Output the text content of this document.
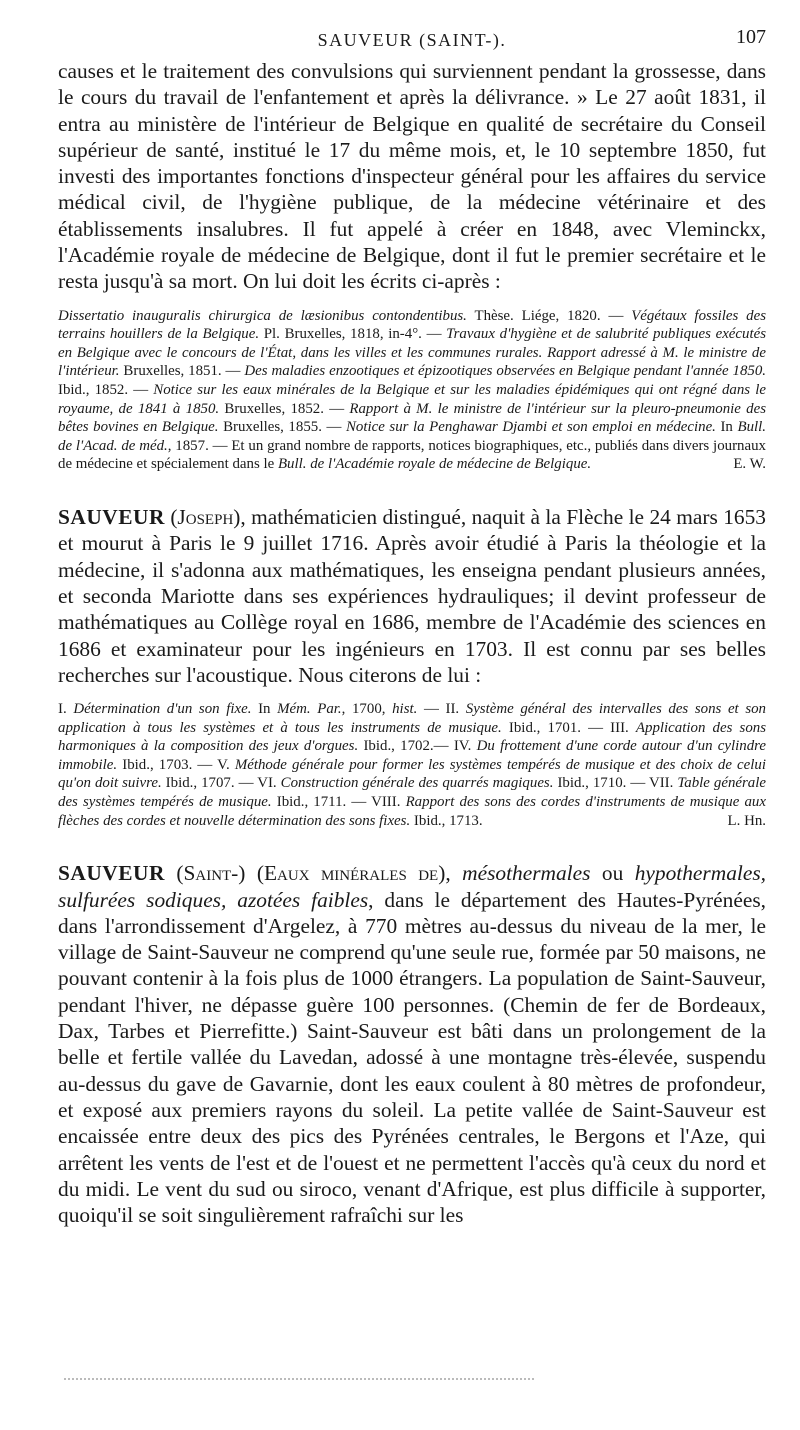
SAUVEUR (SAINT-).	107

causes et le traitement des convulsions qui surviennent pendant la grossesse, dans le cours du travail de l'enfantement et après la délivrance. » Le 27 août 1831, il entra au ministère de l'intérieur de Belgique en qualité de secrétaire du Conseil supérieur de santé, institué le 17 du même mois, et, le 10 septembre 1850, fut investi des importantes fonctions d'inspecteur général pour les affaires du service médical civil, de l'hygiène publique, de la médecine vétérinaire et des établissements insalubres. Il fut appelé à créer en 1848, avec Vleminckx, l'Académie royale de médecine de Belgique, dont il fut le premier secrétaire et le resta jusqu'à sa mort. On lui doit les écrits ci-après :

Dissertatio inauguralis chirurgica de læsionibus contondentibus. Thèse. Liége, 1820. — Végétaux fossiles des terrains houillers de la Belgique. Pl. Bruxelles, 1818, in-4°. — Travaux d'hygiène et de salubrité publiques exécutés en Belgique avec le concours de l'État, dans les villes et les communes rurales. Rapport adressé à M. le ministre de l'intérieur. Bruxelles, 1851. — Des maladies enzootiques et épizootiques observées en Belgique pendant l'année 1850. Ibid., 1852. — Notice sur les eaux minérales de la Belgique et sur les maladies épidémiques qui ont régné dans le royaume, de 1841 à 1850. Bruxelles, 1852. — Rapport à M. le ministre de l'intérieur sur la pleuro-pneumonie des bêtes bovines en Belgique. Bruxelles, 1855. — Notice sur la Penghawar Djambi et son emploi en médecine. In Bull. de l'Acad. de méd., 1857. — Et un grand nombre de rapports, notices biographiques, etc., publiés dans divers journaux de médecine et spécialement dans le Bull. de l'Académie royale de médecine de Belgique.	E. W.

SAUVEUR (Joseph), mathématicien distingué, naquit à la Flèche le 24 mars 1653 et mourut à Paris le 9 juillet 1716. Après avoir étudié à Paris la théologie et la médecine, il s'adonna aux mathématiques, les enseigna pendant plusieurs années, et seconda Mariotte dans ses expériences hydrauliques; il devint professeur de mathématiques au Collège royal en 1686, membre de l'Académie des sciences en 1686 et examinateur pour les ingénieurs en 1703. Il est connu par ses belles recherches sur l'acoustique. Nous citerons de lui :

I. Détermination d'un son fixe. In Mém. Par., 1700, hist. — II. Système général des intervalles des sons et son application à tous les systèmes et à tous les instruments de musique. Ibid., 1701. — III. Application des sons harmoniques à la composition des jeux d'orgues. Ibid., 1702.— IV. Du frottement d'une corde autour d'un cylindre immobile. Ibid., 1703. — V. Méthode générale pour former les systèmes tempérés de musique et des choix de celui qu'on doit suivre. Ibid., 1707. — VI. Construction générale des quarrés magiques. Ibid., 1710. — VII. Table générale des systèmes tempérés de musique. Ibid., 1711. — VIII. Rapport des sons des cordes d'instruments de musique aux flèches des cordes et nouvelle détermination des sons fixes. Ibid., 1713.	L. Hn.

SAUVEUR (Saint-) (Eaux minérales de), mésothermales ou hypothermales, sulfurées sodiques, azotées faibles, dans le département des Hautes-Pyrénées, dans l'arrondissement d'Argelez, à 770 mètres au-dessus du niveau de la mer, le village de Saint-Sauveur ne comprend qu'une seule rue, formée par 50 maisons, ne pouvant contenir à la fois plus de 1000 étrangers. La population de Saint-Sauveur, pendant l'hiver, ne dépasse guère 100 personnes. (Chemin de fer de Bordeaux, Dax, Tarbes et Pierrefitte.) Saint-Sauveur est bâti dans un prolongement de la belle et fertile vallée du Lavedan, adossé à une montagne très-élevée, suspendu au-dessus du gave de Gavarnie, dont les eaux coulent à 80 mètres de profondeur, et exposé aux premiers rayons du soleil. La petite vallée de Saint-Sauveur est encaissée entre deux des pics des Pyrénées centrales, le Bergons et l'Aze, qui arrêtent les vents de l'est et de l'ouest et ne permettent l'accès qu'à ceux du nord et du midi. Le vent du sud ou siroco, venant d'Afrique, est plus difficile à supporter, quoiqu'il se soit singulièrement rafraîchi sur les
